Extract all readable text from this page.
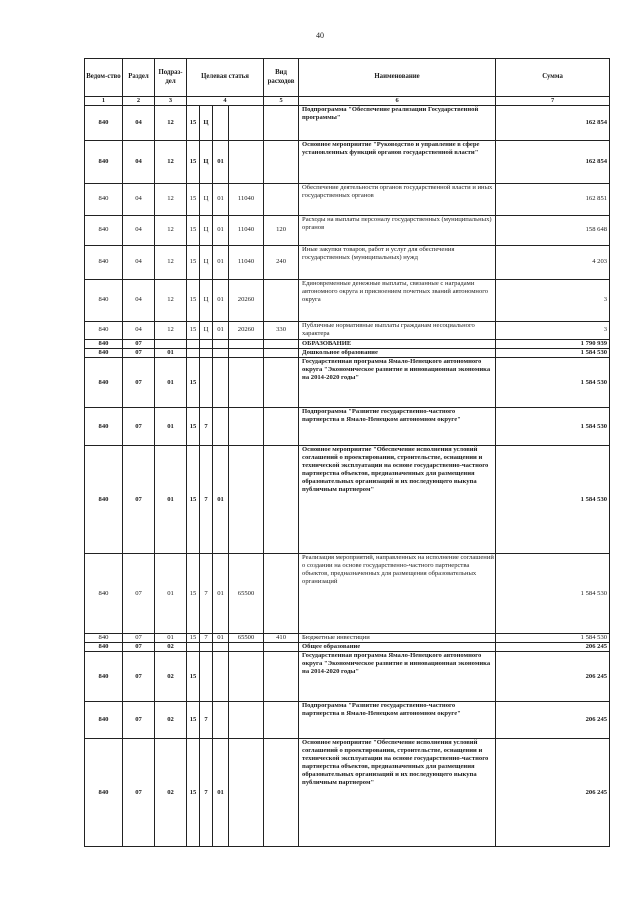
40
Ведом-ство	Раздел	Подраз-дел	Целевая статья				Вид расходов	Наименование	Сумма
1	2	3	4				5	6	7
840	04	12	15	Ц				Подпрограмма "Обеспечение реализации Государственной программы"	162 854
840	04	12	15	Ц	01			Основное мероприятие "Руководство и управление в сфере установленных функций органов государственной власти"	162 854
840	04	12	15	Ц	01	11040		Обеспечение деятельности органов государственной власти и иных государственных органов	162 851
840	04	12	15	Ц	01	11040	120	Расходы на выплаты персоналу государственных (муниципальных) органов	158 648
840	04	12	15	Ц	01	11040	240	Иные закупки товаров, работ и услуг для обеспечения государственных (муниципальных) нужд	4 203
840	04	12	15	Ц	01	20260		Единовременные денежные выплаты, связанные с наградами автономного округа и присвоением почетных званий автономного округа	3
840	04	12	15	Ц	01	20260	330	Публичные нормативные выплаты гражданам несоциального характера	3
840	07							ОБРАЗОВАНИЕ	1 790 939
840	07	01						Дошкольное образование	1 584 530
840	07	01	15					Государственная программа Ямало-Ненецкого автономного округа "Экономическое развитие и инновационная экономика на 2014-2020 годы"	1 584 530
840	07	01	15	7				Подпрограмма "Развитие государственно-частного партнерства в Ямало-Ненецком автономном округе"	1 584 530
840	07	01	15	7	01			Основное мероприятие "Обеспечение исполнения условий соглашений о проектировании, строительстве, оснащении и технической эксплуатации на основе государственно-частного партнерства объектов, предназначенных для размещения образовательных организаций и их последующего выкупа публичным партнером"	1 584 530
840	07	01	15	7	01	65500		Реализация мероприятий, направленных на исполнение соглашений о создании на основе государственно-частного партнерства объектов, предназначенных для размещения образовательных организаций	1 584 530
840	07	01	15	7	01	65500	410	Бюджетные инвестиции	1 584 530
840	07	02						Общее образование	206 245
840	07	02	15					Государственная программа Ямало-Ненецкого автономного округа "Экономическое развитие и инновационная экономика на 2014-2020 годы"	206 245
840	07	02	15	7				Подпрограмма "Развитие государственно-частного партнерства в Ямало-Ненецком автономном округе"	206 245
840	07	02	15	7	01			Основное мероприятие "Обеспечение исполнения условий соглашений о проектировании, строительстве, оснащении и технической эксплуатации на основе государственно-частного партнерства объектов, предназначенных для размещения образовательных организаций и их последующего выкупа публичным партнером"	206 245
